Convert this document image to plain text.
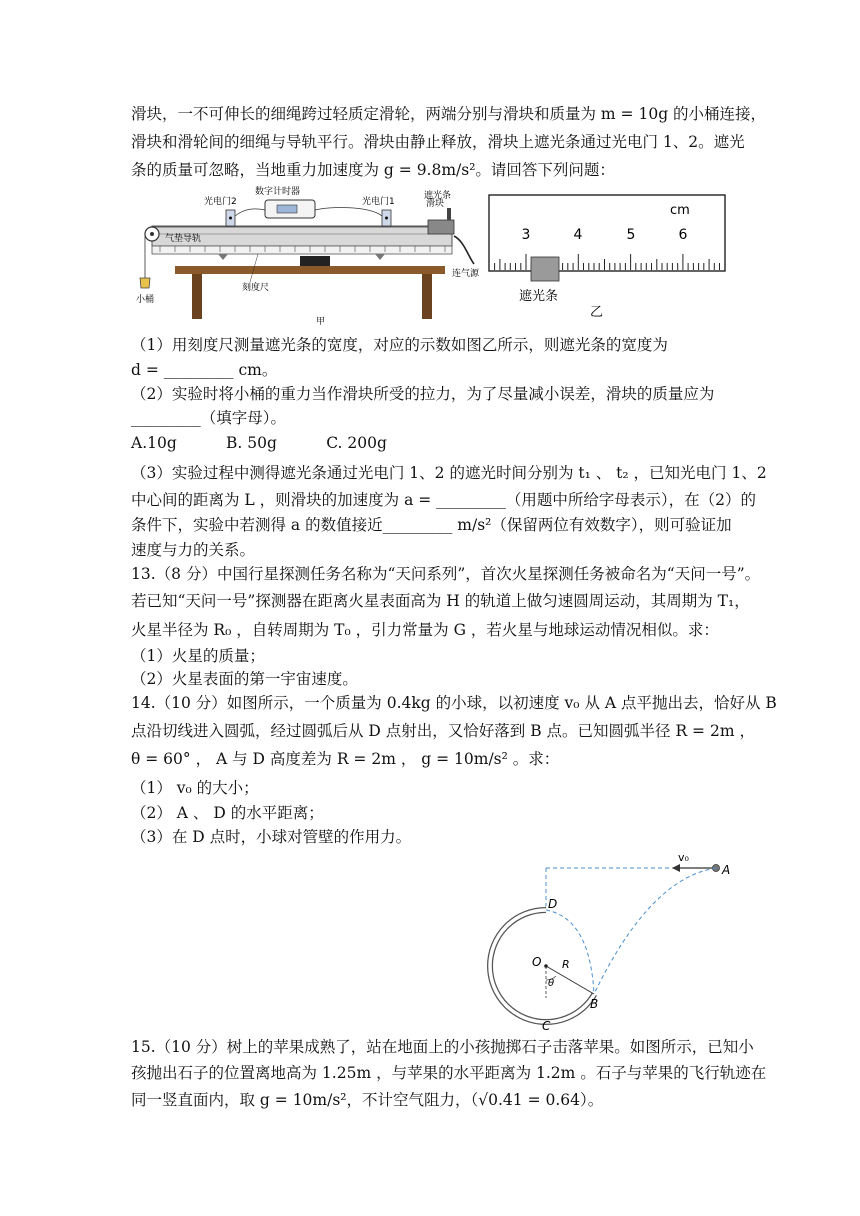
滑块，一不可伸长的细绳跨过轻质定滑轮，两端分别与滑块和质量为 m = 10g 的小桶连接，
滑块和滑轮间的细绳与导轨平行。滑块由静止释放，滑块上遮光条通过光电门 1、2。遮光
条的质量可忽略，当地重力加速度为 g = 9.8m/s²。请回答下列问题：
小桶
光电门2	光电门1
数字计时器
滑块
遮光条
连气源
气垫导轨
刻度尺
甲
cm
3	4	5	6
遮光条
乙
（1）用刻度尺测量遮光条的宽度，对应的示数如图乙所示，则遮光条的宽度为
d = _________ cm。
（2）实验时将小桶的重力当作滑块所受的拉力，为了尽量减小误差，滑块的质量应为
_________（填字母）。
A.10g          B. 50g          C. 200g
（3）实验过程中测得遮光条通过光电门 1、2 的遮光时间分别为 t₁ 、 t₂ ，已知光电门 1、2
中心间的距离为 L ，则滑块的加速度为 a = _________（用题中所给字母表示），在（2）的
条件下，实验中若测得 a 的数值接近_________ m/s²（保留两位有效数字），则可验证加
速度与力的关系。
13.（8 分）中国行星探测任务名称为“天问系列”，首次火星探测任务被命名为“天问一号”。
若已知“天问一号”探测器在距离火星表面高为 H 的轨道上做匀速圆周运动，其周期为 T₁，
火星半径为 R₀ ，自转周期为 T₀ ，引力常量为 G ，若火星与地球运动情况相似。求：
（1）火星的质量；
（2）火星表面的第一宇宙速度。
14.（10 分）如图所示，一个质量为 0.4kg 的小球，以初速度 v₀ 从 A 点平抛出去，恰好从 B
点沿切线进入圆弧，经过圆弧后从 D 点射出，又恰好落到 B 点。已知圆弧半径 R = 2m ，
θ = 60° ， A 与 D 高度差为 R = 2m ， g = 10m/s² 。求：
（1） v₀ 的大小；
（2） A 、 D 的水平距离；
（3）在 D 点时，小球对管壁的作用力。
v₀
A
O R
θ
D
B
C
15.（10 分）树上的苹果成熟了，站在地面上的小孩抛掷石子击落苹果。如图所示，已知小
孩抛出石子的位置离地高为 1.25m ，与苹果的水平距离为 1.2m 。石子与苹果的飞行轨迹在
同一竖直面内，取 g = 10m/s²，不计空气阻力，（√0.41 = 0.64）。
